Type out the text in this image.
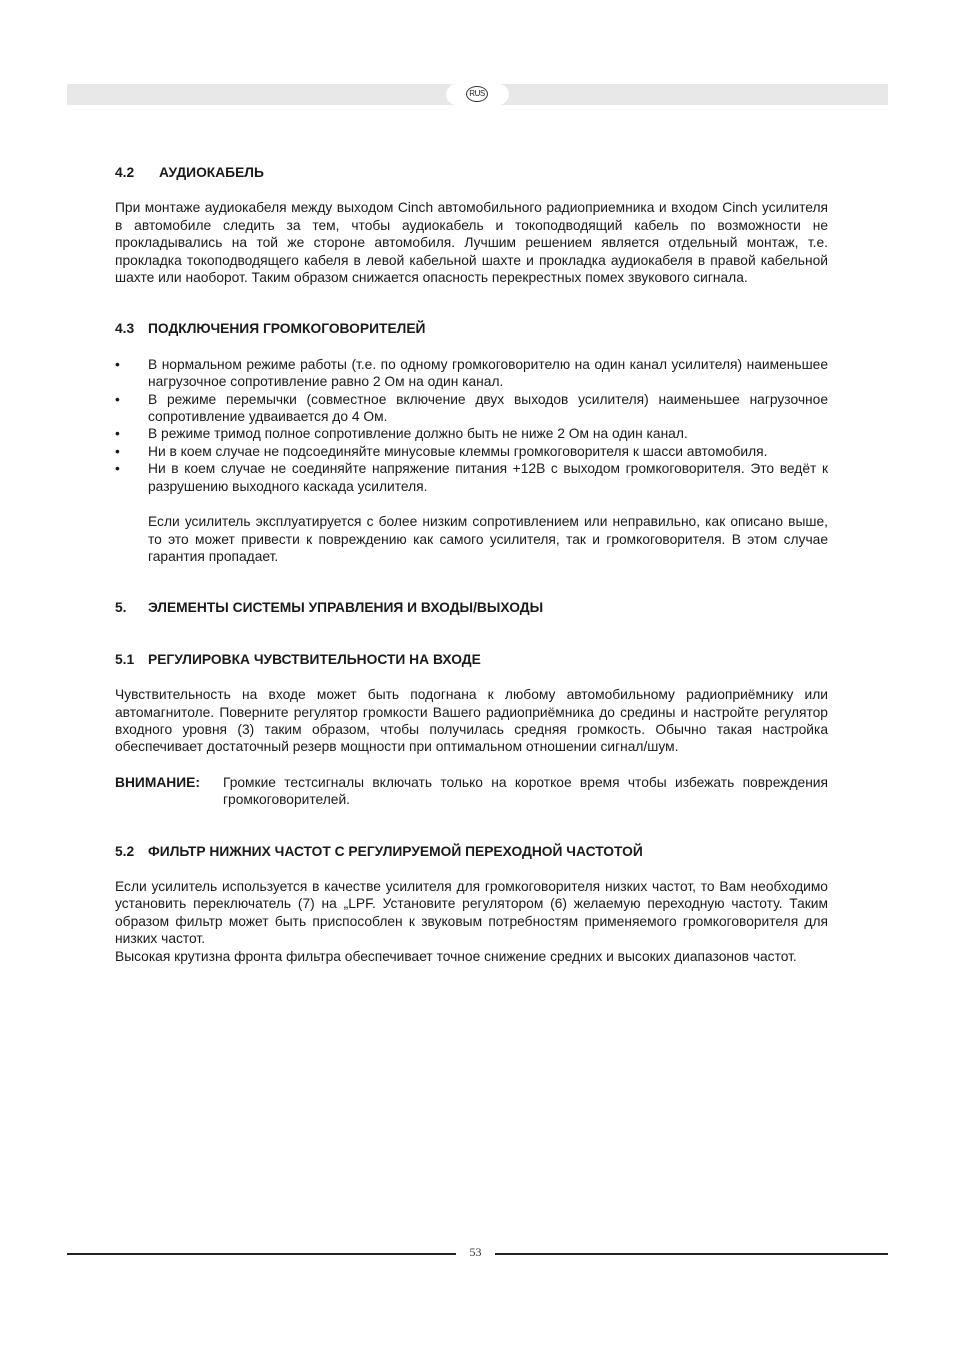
RUS
4.2 АУДИОКАБЕЛЬ

При монтаже аудиокабеля между выходом Cinch автомобильного радиоприемника и входом Cinch усилителя в автомобиле следить за тем, чтобы аудиокабель и токоподводящий кабель по возможности не прокладывались на той же стороне автомобиля. Лучшим решением является отдельный монтаж, т.е. прокладка токоподводящего кабеля в левой кабельной шахте и прокладка аудиокабеля в правой кабельной шахте или наоборот. Таким образом снижается опасность перекрестных помех звукового сигнала.

4.3 ПОДКЛЮЧЕНИЯ ГРОМКОГОВОРИТЕЛЕЙ
• В нормальном режиме работы (т.е. по одному громкоговорителю на один канал усилителя) наименьшее нагрузочное сопротивление равно 2 Ом на один канал.
• В режиме перемычки (совместное включение двух выходов усилителя) наименьшее нагрузочное сопротивление удваивается до 4 Ом.
• В режиме тримод полное сопротивление должно быть не ниже 2 Ом на один канал.
• Ни в коем случае не подсоединяйте минусовые клеммы громкоговорителя к шасси автомобиля.
• Ни в коем случае не соединяйте напряжение питания +12В с выходом громкоговорителя. Это ведёт к разрушению выходного каскада усилителя.

Если усилитель эксплуатируется с более низким сопротивлением или неправильно, как описано выше, то это может привести к повреждению как самого усилителя, так и громкоговорителя. В этом случае гарантия пропадает.

5. ЭЛЕМЕНТЫ СИСТЕМЫ УПРАВЛЕНИЯ И ВХОДЫ/ВЫХОДЫ
5.1 РЕГУЛИРОВКА ЧУВСТВИТЕЛЬНОСТИ НА ВХОДЕ

Чувствительность на входе может быть подогнана к любому автомобильному радиоприёмнику или автомагнитоле. Поверните регулятор громкости Вашего радиоприёмника до средины и настройте регулятор входного уровня (3) таким образом, чтобы получилась средняя громкость. Обычно такая настройка обеспечивает достаточный резерв мощности при оптимальном отношении сигнал/шум.

ВНИМАНИЕ:	Громкие тестсигналы включать только на короткое время чтобы избежать повреждения громкоговорителей.
5.2 ФИЛЬТР НИЖНИХ ЧАСТОТ С РЕГУЛИРУЕМОЙ ПЕРЕХОДНОЙ ЧАСТОТОЙ

Если усилитель используется в качестве усилителя для громкоговорителя низких частот, то Вам необходимо установить переключатель (7) на „LPF. Установите регулятором (6) желаемую переходную частоту. Таким образом фильтр может быть приспособлен к звуковым потребностям применяемого громкоговорителя для низких частот.

Высокая крутизна фронта фильтра обеспечивает точное снижение средних и высоких диапазонов частот.

53
